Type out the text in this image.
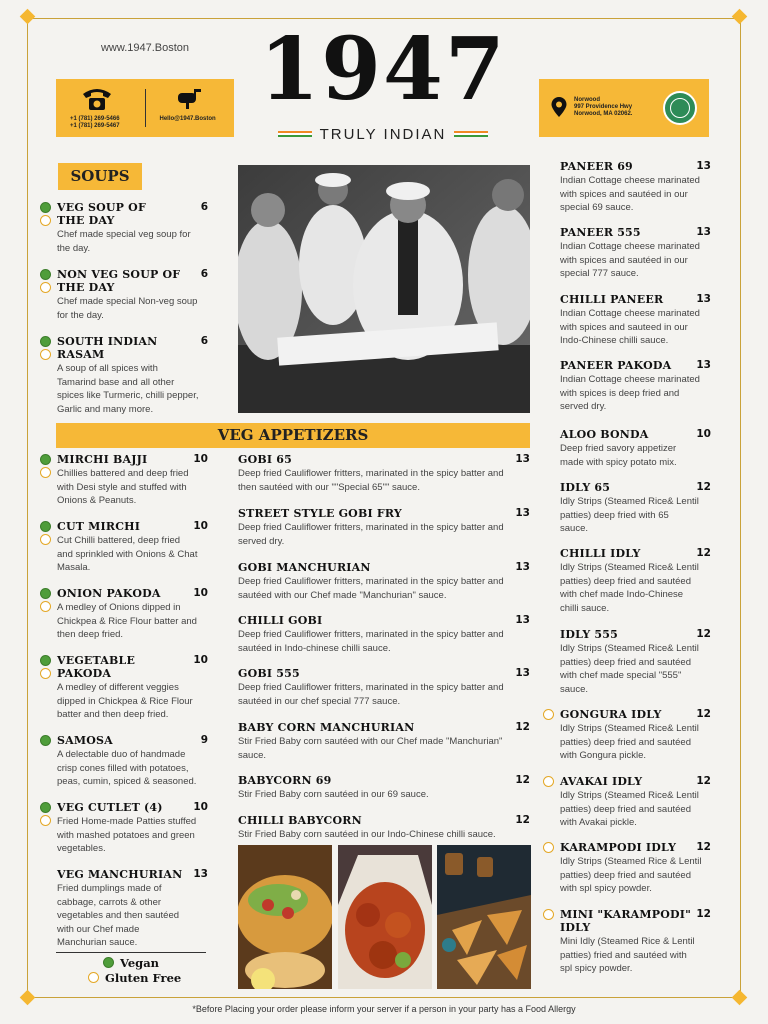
www.1947.Boston 1947
TRULY INDIAN
+1 (781) 269-5466
+1 (781) 269-5467
Hello@1947.Boston
Norwood
997 Providence Hwy
Norwood, MA 02062.
SOUPS
VEG APPETIZERS
VEG SOUP OF
THE DAY
6
Chef made special veg soup for
the day.
NON VEG SOUP OF
THE DAY
6
Chef made special Non-veg soup
for the day.
SOUTH INDIAN
RASAM
6
A soup of all spices with
Tamarind base and all other
spices like Turmeric, chilli pepper,
Garlic and many more.
MIRCHI BAJJI	10
Chillies battered and deep fried
with Desi style and stuffed with
Onions & Peanuts.
CUT MIRCHI	10
Cut Chilli battered, deep fried
and sprinkled with Onions & Chat
Masala.
ONION PAKODA	10
A medley of Onions dipped in
Chickpea & Rice Flour batter and
then deep fried.
VEGETABLE
PAKODA
10
A medley of different veggies
dipped in Chickpea & Rice Flour
batter and then deep fried.
SAMOSA	9
A delectable duo of handmade
crisp cones filled with potatoes,
peas, cumin, spiced & seasoned.
VEG CUTLET (4)	10
Fried Home-made Patties stuffed
with mashed potatoes and green
vegetables.
VEG MANCHURIAN	13
Fried dumplings made of
cabbage, carrots & other
vegetables and then sautéed
with our Chef made
Manchurian sauce.
GOBI 65	13
Deep fried Cauliflower fritters, marinated in the spicy batter and
then sautéed with our ""Special 65"" sauce.
STREET STYLE GOBI FRY	13
Deep fried Cauliflower fritters, marinated in the spicy batter and
served dry.
GOBI MANCHURIAN	13
Deep fried Cauliflower fritters, marinated in the spicy batter and
sautéed with our Chef made "Manchurian" sauce.
CHILLI GOBI	13
Deep fried Cauliflower fritters, marinated in the spicy batter and
sautéed in Indo-chinese chilli sauce.
GOBI 555	13
Deep fried Cauliflower fritters, marinated in the spicy batter and
sautéed in our chef special 777 sauce.
BABY CORN MANCHURIAN	12
Stir Fried Baby corn sautéed with our Chef made "Manchurian"
sauce.
BABYCORN 69	12
Stir Fried Baby corn sautéed in our 69 sauce.
CHILLI BABYCORN	12
Stir Fried Baby corn sautéed in our Indo-Chinese chilli sauce.
PANEER 69	13
Indian Cottage cheese marinated
with spices and sautéed in our
special 69 sauce.
PANEER 555	13
Indian Cottage cheese marinated
with spices and sautéed in our
special 777 sauce.
CHILLI PANEER	13
Indian Cottage cheese marinated
with spices and sauteed in our
Indo-Chinese chilli sauce.
PANEER PAKODA	13
Indian Cottage cheese marinated
with spices is deep fried and
served dry.
ALOO BONDA	10
Deep fried savory appetizer
made with spicy potato mix.
IDLY 65	12
Idly Strips (Steamed Rice& Lentil
patties) deep fried with 65
sauce.
CHILLI IDLY	12
Idly Strips (Steamed Rice& Lentil
patties) deep fried and sautéed
with chef made Indo-Chinese
chilli sauce.
IDLY 555	12
Idly Strips (Steamed Rice& Lentil
patties) deep fried and sautéed
with chef made special "555"
sauce.
GONGURA IDLY	12
Idly Strips (Steamed Rice& Lentil
patties) deep fried and sautéed
with Gongura pickle.
AVAKAI IDLY	12
Idly Strips (Steamed Rice& Lentil
patties) deep fried and sautéed
with Avakai pickle.
KARAMPODI IDLY	12
Idly Strips (Steamed Rice & Lentil
patties) deep fried and sautéed
with spl spicy powder.
MINI "KARAMPODI"
IDLY
12
Mini Idly (Steamed Rice & Lentil
patties) fried and sautéed with
spl spicy powder.
Vegan
Gluten Free
*Before Placing your order please inform your server if a person in your party has a Food Allergy
